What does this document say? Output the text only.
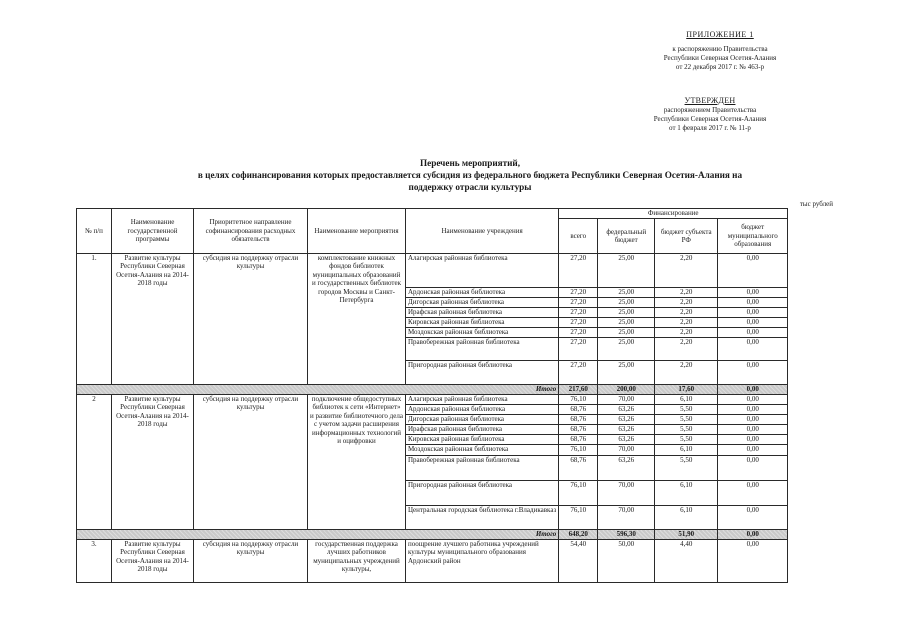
ПРИЛОЖЕНИЕ 1
к распоряжению Правительства
Республики Северная Осетия-Алания
от 22 декабря 2017 г. № 463-р
УТВЕРЖДЕН
распоряжением Правительства
Республики Северная Осетия-Алания
от 1 февраля 2017 г. № 11-р
Перечень мероприятий,
в целях софинансирования которых предоставляется субсидия из федерального бюджета Республики Северная Осетия-Алания на
поддержку отрасли культуры
тыс рублей
№ п/п	Наименование государственной программы	Приоритетное направление софинансирования расходных обязательств	Наименование мероприятия	Наименование учреждения	Финансирование			
					всего	федеральный бюджет	бюджет субъекта РФ	бюджет муниципального образования
1.	Развитие культуры Республики Северная Осетия-Алания на 2014-2018 годы	субсидия на поддержку отрасли культуры	комплектование книжных фондов библиотек муниципальных образований и государственных библиотек городов Москвы и Санкт-Петербурга	Алагирская районная библиотека	27,20	25,00	2,20	0,00
				Ардонская районная библиотека	27,20	25,00	2,20	0,00
				Дигорская районная библиотека	27,20	25,00	2,20	0,00
				Ирафская районная библиотека	27,20	25,00	2,20	0,00
				Кировская районная библиотека	27,20	25,00	2,20	0,00
				Моздокская районная библиотека	27,20	25,00	2,20	0,00
				Правобережная районная библиотека	27,20	25,00	2,20	0,00
				Пригородная районная библиотека	27,20	25,00	2,20	0,00
Итого					217,60	200,00	17,60	0,00
2	Развитие культуры Республики Северная Осетия-Алания на 2014-2018 годы	субсидия на поддержку отрасли культуры	подключение общедоступных библиотек к сети «Интернет» и развитие библиотечного дела с учетом задачи расширения информационных технологий и оцифровки	Алагирская районная библиотека	76,10	70,00	6,10	0,00
				Ардонская районная библиотека	68,76	63,26	5,50	0,00
				Дигорская районная библиотека	68,76	63,26	5,50	0,00
				Ирафская районная библиотека	68,76	63,26	5,50	0,00
				Кировская районная библиотека	68,76	63,26	5,50	0,00
				Моздокская районная библиотека	76,10	70,00	6,10	0,00
				Правобережная районная библиотека	68,76	63,26	5,50	0,00
				Пригородная районная библиотека	76,10	70,00	6,10	0,00
				Центральная городская библиотека г.Владикавказ	76,10	70,00	6,10	0,00
Итого					648,20	596,30	51,90	0,00
3.	Развитие культуры Республики Северная Осетия-Алания на 2014-2018 годы	субсидия на поддержку отрасли культуры	государственная поддержка лучших работников муниципальных учреждений культуры,	поощрение лучшего работника учреждений культуры муниципального образования Ардонский район	54,40	50,00	4,40	0,00
